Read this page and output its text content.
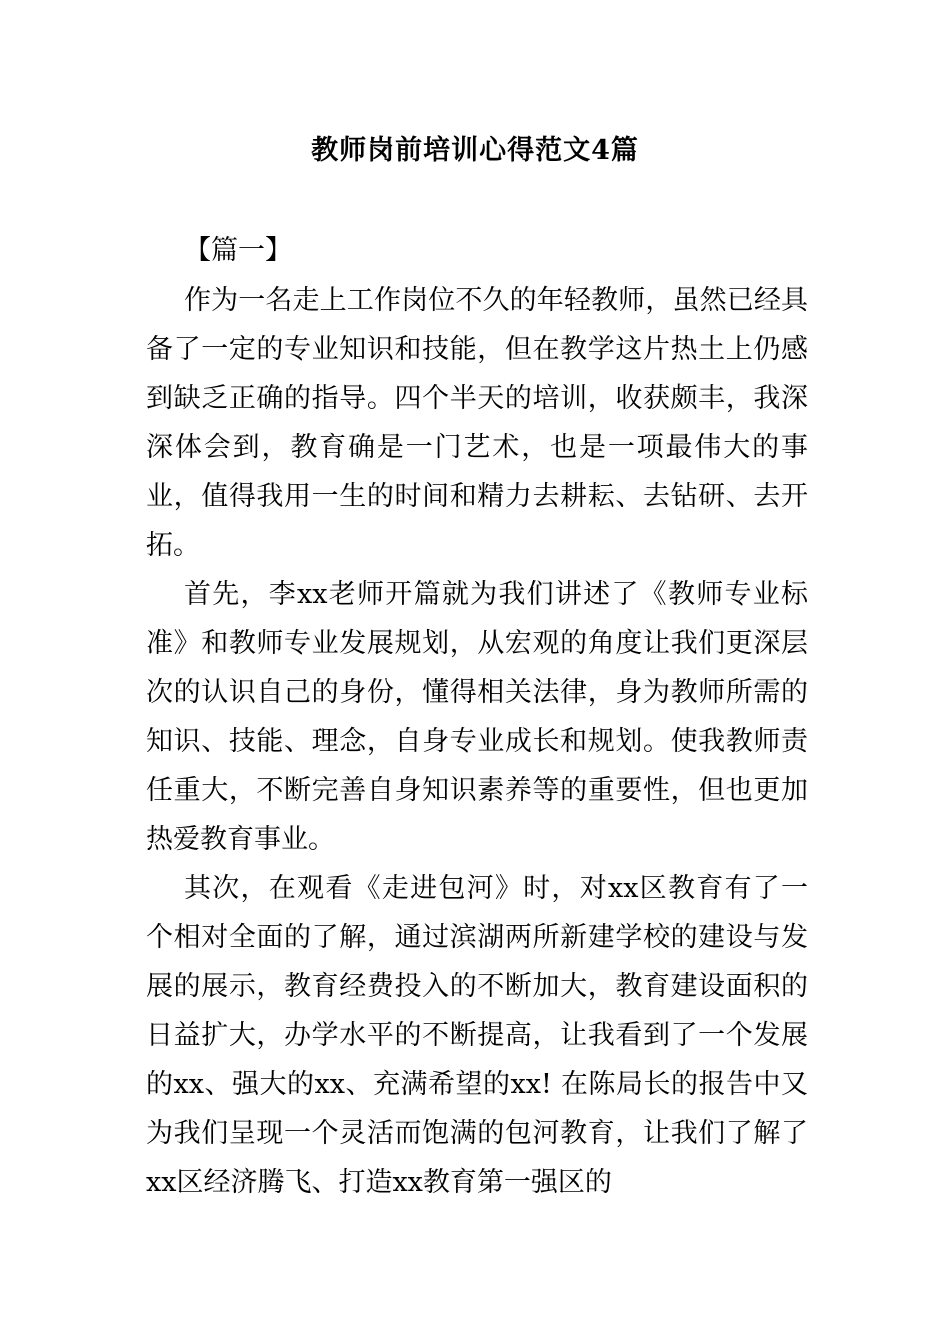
教师岗前培训心得范文4篇

【篇一】

作为一名走上工作岗位不久的年轻教师，虽然已经具备了一定的专业知识和技能，但在教学这片热土上仍感到缺乏正确的指导。四个半天的培训，收获颇丰，我深深体会到，教育确是一门艺术，也是一项最伟大的事业，值得我用一生的时间和精力去耕耘、去钻研、去开拓。

首先，李xx老师开篇就为我们讲述了《教师专业标准》和教师专业发展规划，从宏观的角度让我们更深层次的认识自己的身份，懂得相关法律，身为教师所需的知识、技能、理念，自身专业成长和规划。使我教师责任重大，不断完善自身知识素养等的重要性，但也更加热爱教育事业。

其次，在观看《走进包河》时，对xx区教育有了一个相对全面的了解，通过滨湖两所新建学校的建设与发展的展示，教育经费投入的不断加大，教育建设面积的日益扩大，办学水平的不断提高，让我看到了一个发展的xx、强大的xx、充满希望的xx! 在陈局长的报告中又为我们呈现一个灵活而饱满的包河教育，让我们了解了xx区经济腾飞、打造xx教育第一强区的
